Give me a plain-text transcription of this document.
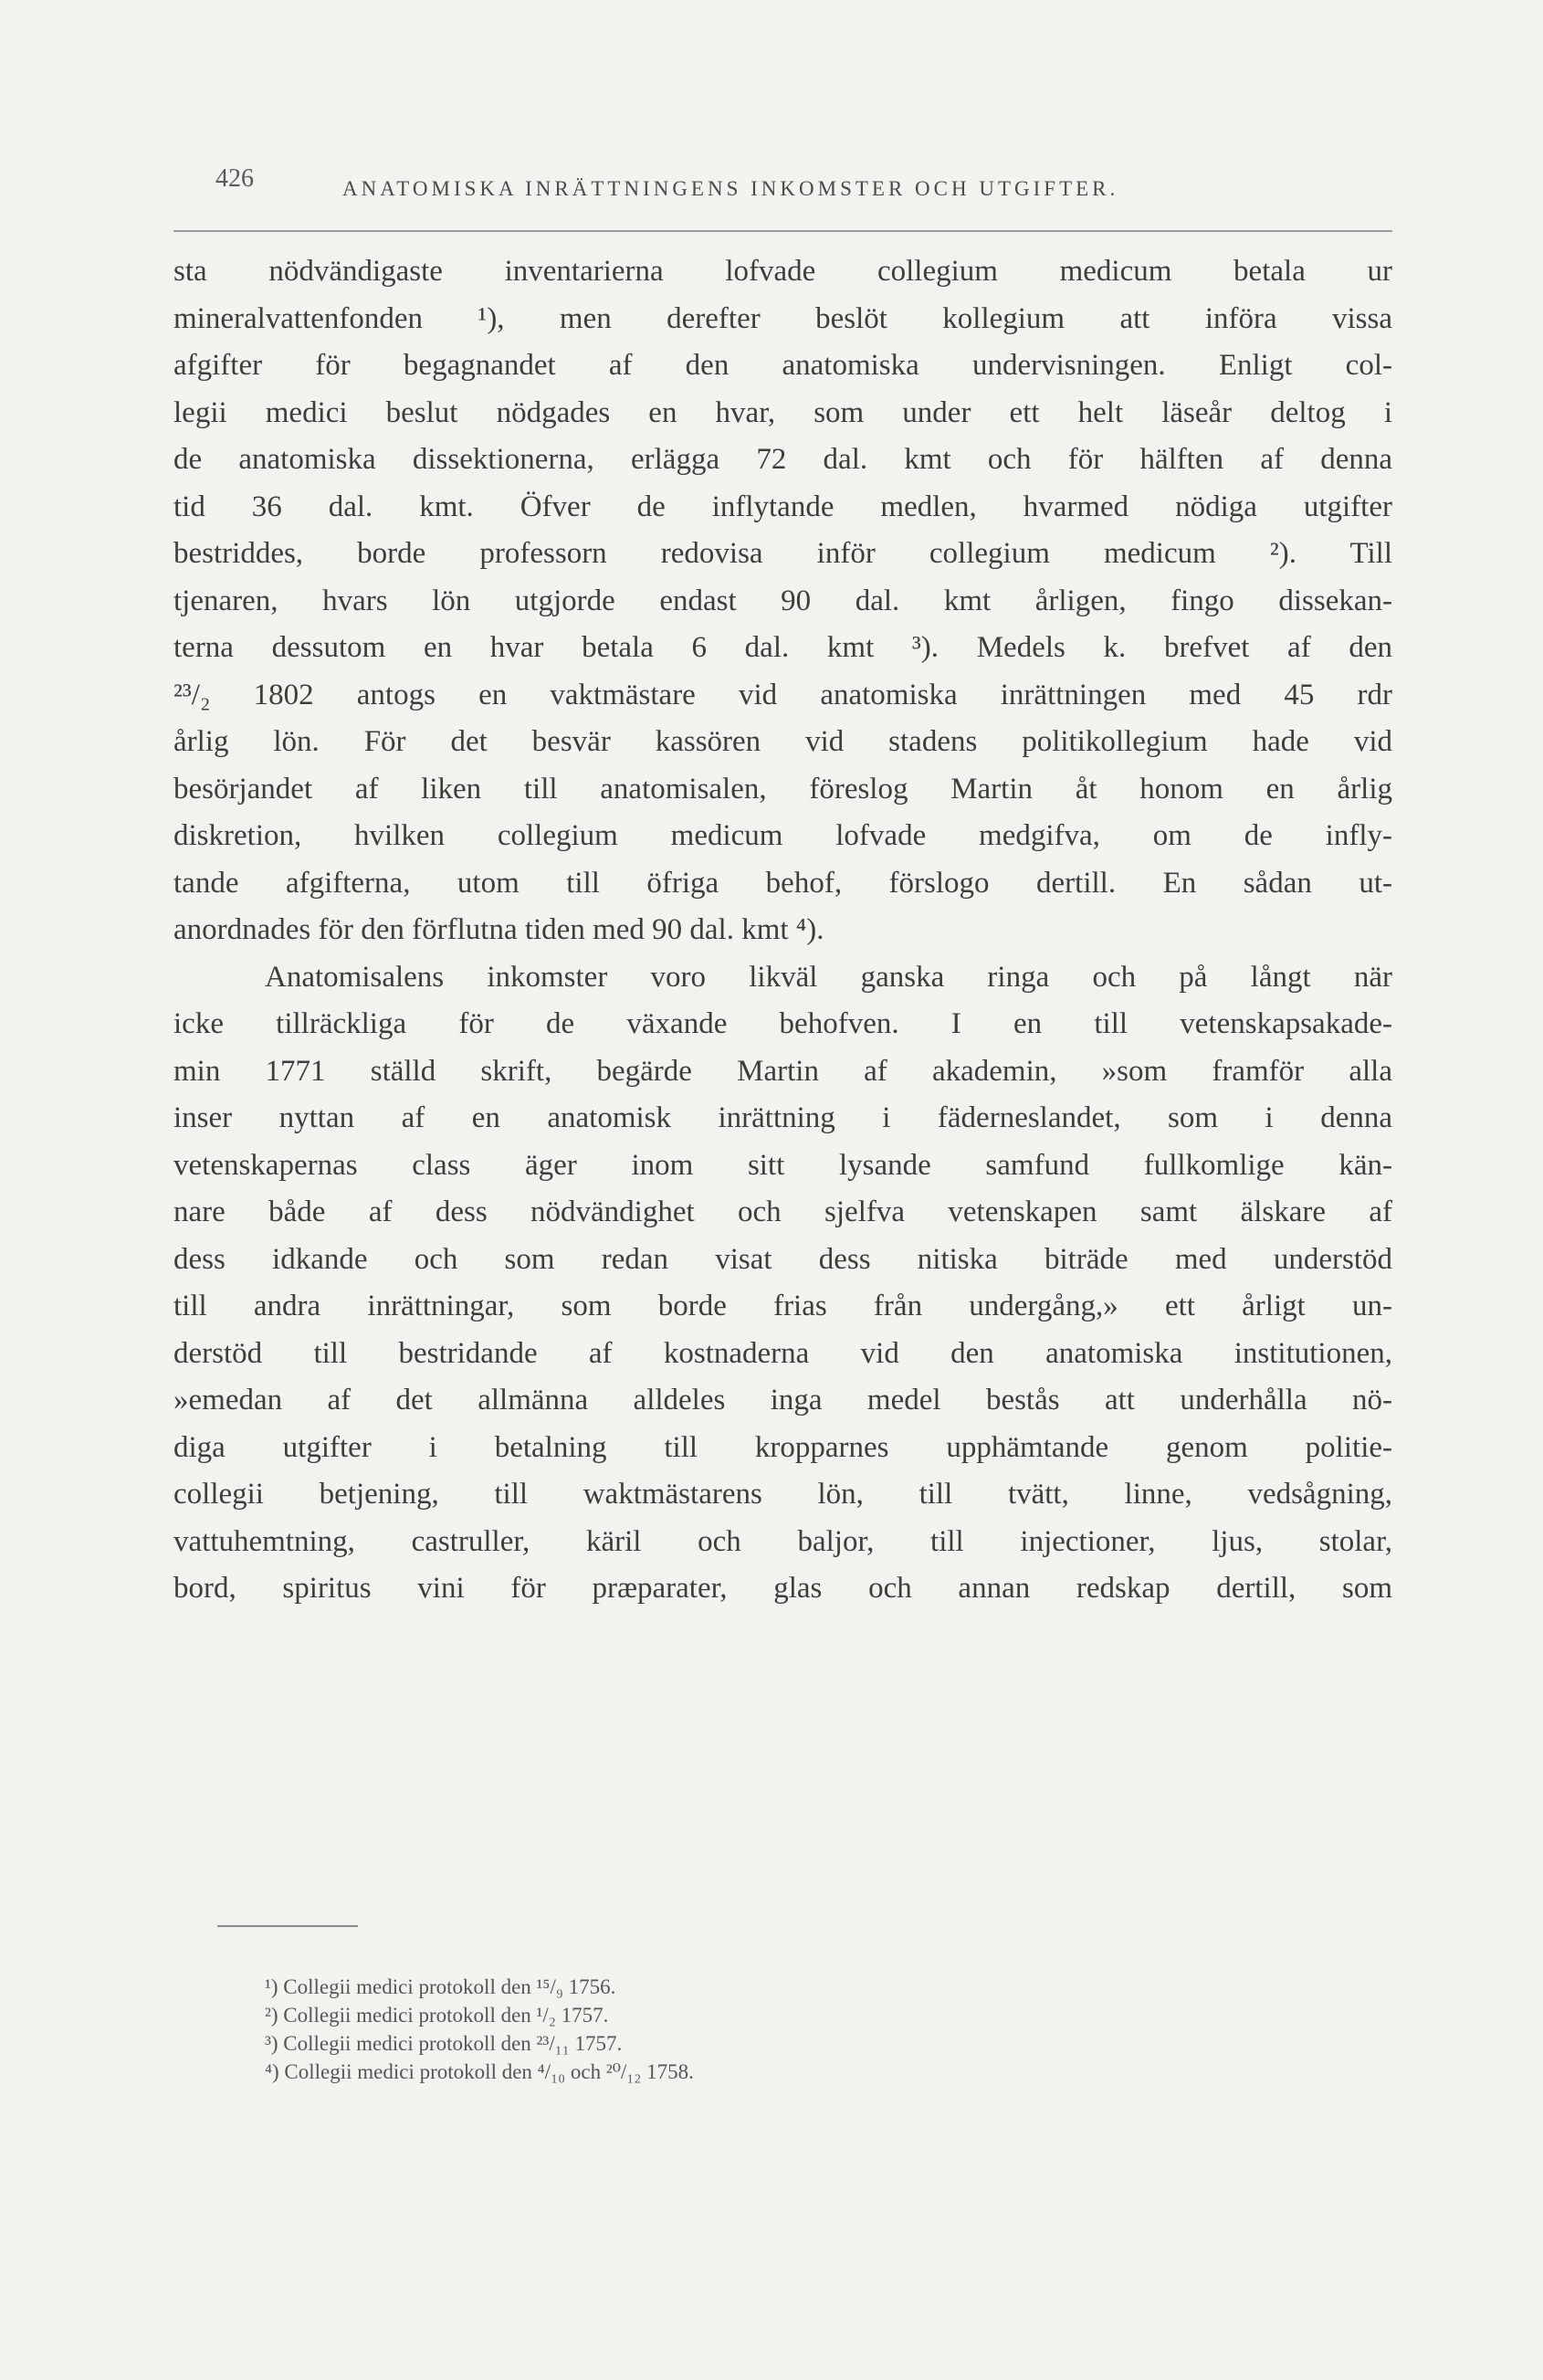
426	ANATOMISKA INRÄTTNINGENS INKOMSTER OCH UTGIFTER.
sta nödvändigaste inventarierna lofvade collegium medicum betala ur
mineralvattenfonden ¹), men derefter beslöt kollegium att införa vissa
afgifter för begagnandet af den anatomiska undervisningen. Enligt col-
legii medici beslut nödgades en hvar, som under ett helt läseår deltog i
de anatomiska dissektionerna, erlägga 72 dal. kmt och för hälften af denna
tid 36 dal. kmt. Öfver de inflytande medlen, hvarmed nödiga utgifter
bestriddes, borde professorn redovisa inför collegium medicum ²). Till
tjenaren, hvars lön utgjorde endast 90 dal. kmt årligen, fingo dissekan-
terna dessutom en hvar betala 6 dal. kmt ³). Medels k. brefvet af den
²³/₂ 1802 antogs en vaktmästare vid anatomiska inrättningen med 45 rdr
årlig lön. För det besvär kassören vid stadens politikollegium hade vid
besörjandet af liken till anatomisalen, föreslog Martin åt honom en årlig
diskretion, hvilken collegium medicum lofvade medgifva, om de infly-
tande afgifterna, utom till öfriga behof, förslogo dertill. En sådan ut-
anordnades för den förflutna tiden med 90 dal. kmt ⁴).
Anatomisalens inkomster voro likväl ganska ringa och på långt när
icke tillräckliga för de växande behofven. I en till vetenskapsakade-
min 1771 ställd skrift, begärde Martin af akademin, »som framför alla
inser nyttan af en anatomisk inrättning i fäderneslandet, som i denna
vetenskapernas class äger inom sitt lysande samfund fullkomlige kän-
nare både af dess nödvändighet och sjelfva vetenskapen samt älskare af
dess idkande och som redan visat dess nitiska biträde med understöd
till andra inrättningar, som borde frias från undergång,» ett årligt un-
derstöd till bestridande af kostnaderna vid den anatomiska institutionen,
»emedan af det allmänna alldeles inga medel bestås att underhålla nö-
diga utgifter i betalning till kropparnes upphämtande genom politie-
collegii betjening, till waktmästarens lön, till tvätt, linne, vedsågning,
vattuhemtning, castruller, käril och baljor, till injectioner, ljus, stolar,
bord, spiritus vini för præparater, glas och annan redskap dertill, som
¹) Collegii medici protokoll den ¹⁵/₉ 1756.
²) Collegii medici protokoll den ¹/₂ 1757.
³) Collegii medici protokoll den ²³/₁₁ 1757.
⁴) Collegii medici protokoll den ⁴/₁₀ och ²⁰/₁₂ 1758.
